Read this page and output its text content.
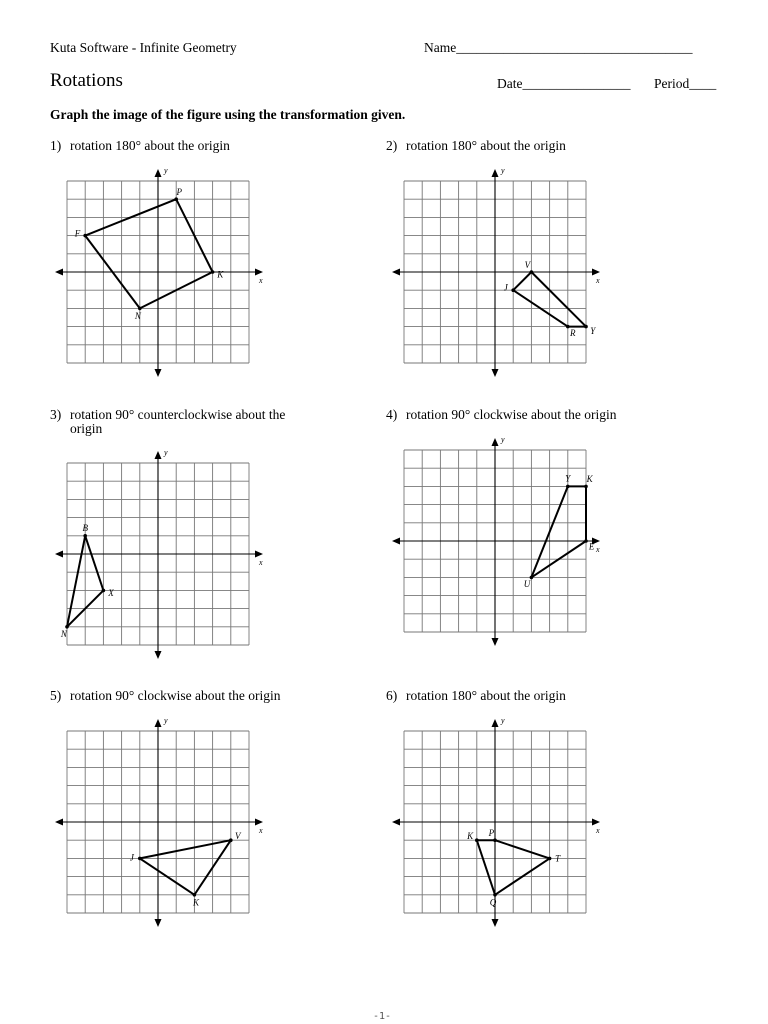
Kuta Software - Infinite Geometry	Name___________________________________
Rotations	Date________________ Period____
Graph the image of the figure using the transformation given.
1) rotation 180° about the origin
x
y
P
K
N
F
2) rotation 180° about the origin
x
y
V
Y
R
J
3) rotation 90° counterclockwise about the
origin
x
y
B
X
N
4) rotation 90° clockwise about the origin
x
y
Y K
E
U
5) rotation 90° clockwise about the origin
x
y
J
V
K
6) rotation 180° about the origin
x
y
P
T
Q
K
-1-
